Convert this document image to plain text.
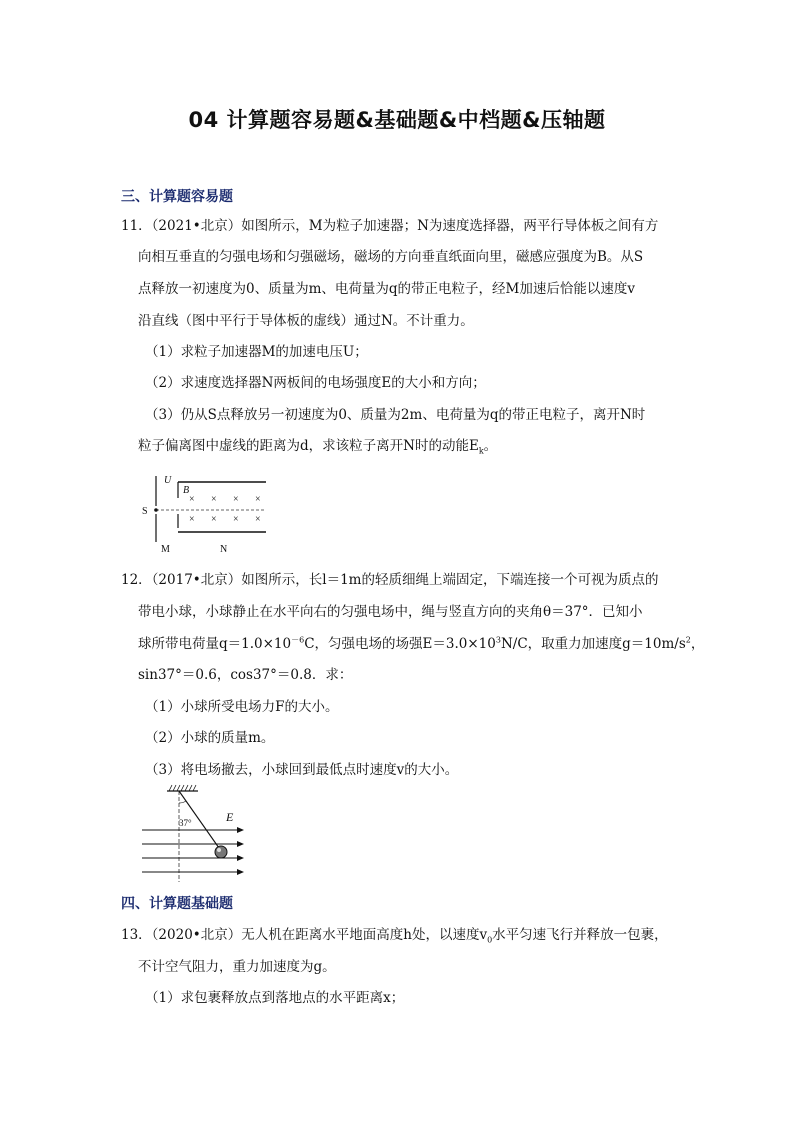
04 计算题容易题&基础题&中档题&压轴题
三、计算题容易题
11．（2021•北京）如图所示，M为粒子加速器；N为速度选择器，两平行导体板之间有方
向相互垂直的匀强电场和匀强磁场，磁场的方向垂直纸面向里，磁感应强度为B。从S
点释放一初速度为0、质量为m、电荷量为q的带正电粒子，经M加速后恰能以速度v
沿直线（图中平行于导体板的虚线）通过N。不计重力。
（1）求粒子加速器M的加速电压U；
（2）求速度选择器N两板间的电场强度E的大小和方向；
（3）仍从S点释放另一初速度为0、质量为2m、电荷量为q的带正电粒子，离开N时
粒子偏离图中虚线的距离为d，求该粒子离开N时的动能$E_k$。
U
B
S
M	N
× × × ×
× × × ×
12．（2017•北京）如图所示，长l＝1m的轻质细绳上端固定，下端连接一个可视为质点的
带电小球，小球静止在水平向右的匀强电场中，绳与竖直方向的夹角θ＝37°．已知小
球所带电荷量$q=1.0\times 10^{-6}C$，匀强电场的场强$E=3.0\times 10^3N/C$，取重力加速度$g=10m/s^2$，
sin37°＝0.6，cos37°＝0.8．求：
（1）小球所受电场力F的大小。
（2）小球的质量m。
（3）将电场撤去，小球回到最低点时速度v的大小。
37°	E
四、计算题基础题
13．（2020•北京）无人机在距离水平地面高度h处，以速度$v_0$水平匀速飞行并释放一包裹，
不计空气阻力，重力加速度为g。
（1）求包裹释放点到落地点的水平距离x；
